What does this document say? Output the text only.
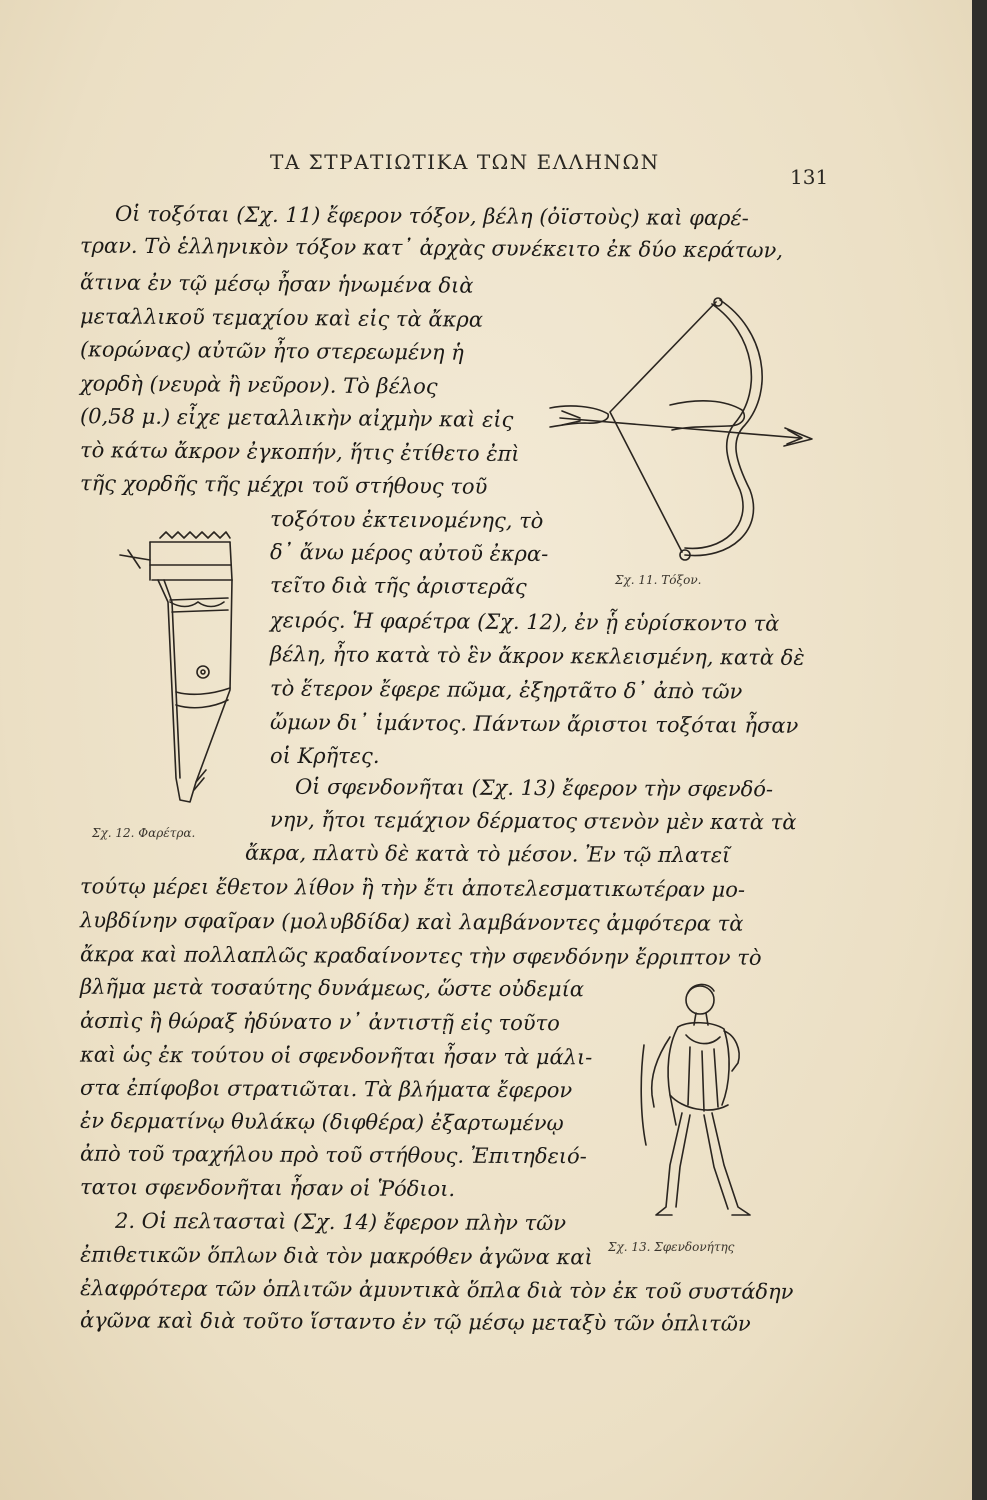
ΤΑ ΣΤΡΑΤΙΩΤΙΚΑ ΤΩΝ ΕΛΛΗΝΩΝ
131
Οἱ τοξόται (Σχ. 11) ἔφερον τόξον, βέλη (ὀϊστοὺς) καὶ φαρέ-
τραν. Τὸ ἑλληνικὸν τόξον κατ᾽ ἀρχὰς συνέκειτο ἐκ δύο κεράτων,
ἅτινα ἐν τῷ μέσῳ ἦσαν ἡνωμένα διὰ
μεταλλικοῦ τεμαχίου καὶ εἰς τὰ ἄκρα
(κορώνας) αὐτῶν ἦτο στερεωμένη ἡ
χορδὴ (νευρὰ ἢ νεῦρον). Τὸ βέλος
(0,58 μ.) εἶχε μεταλλικὴν αἰχμὴν καὶ εἰς
τὸ κάτω ἄκρον ἐγκοπήν, ἥτις ἐτίθετο ἐπὶ
τῆς χορδῆς τῆς μέχρι τοῦ στήθους τοῦ
τοξότου ἐκτεινομένης, τὸ
δ᾽ ἄνω μέρος αὐτοῦ ἐκρα-
τεῖτο διὰ τῆς ἀριστερᾶς
χειρός. Ἡ φαρέτρα (Σχ. 12), ἐν ᾗ εὑρίσκοντο τὰ
βέλη, ἦτο κατὰ τὸ ἓν ἄκρον κεκλεισμένη, κατὰ δὲ
τὸ ἕτερον ἔφερε πῶμα, ἐξηρτᾶτο δ᾽ ἀπὸ τῶν
ὤμων δι᾽ ἱμάντος. Πάντων ἄριστοι τοξόται ἦσαν
οἱ Κρῆτες.
Οἱ σφενδονῆται (Σχ. 13) ἔφερον τὴν σφενδό-
νην, ἤτοι τεμάχιον δέρματος στενὸν μὲν κατὰ τὰ
ἄκρα, πλατὺ δὲ κατὰ τὸ μέσον. Ἐν τῷ πλατεῖ
τούτῳ μέρει ἔθετον λίθον ἢ τὴν ἔτι ἀποτελεσματικωτέραν μο-
λυβδίνην σφαῖραν (μολυβδίδα) καὶ λαμβάνοντες ἀμφότερα τὰ
ἄκρα καὶ πολλαπλῶς κραδαίνοντες τὴν σφενδόνην ἔρριπτον τὸ
βλῆμα μετὰ τοσαύτης δυνάμεως, ὥστε οὐδεμία
ἀσπὶς ἢ θώραξ ἠδύνατο ν᾽ ἀντιστῇ εἰς τοῦτο
καὶ ὡς ἐκ τούτου οἱ σφενδονῆται ἦσαν τὰ μάλι-
στα ἐπίφοβοι στρατιῶται. Τὰ βλήματα ἔφερον
ἐν δερματίνῳ θυλάκῳ (διφθέρα) ἐξαρτωμένῳ
ἀπὸ τοῦ τραχήλου πρὸ τοῦ στήθους. Ἐπιτηδειό-
τατοι σφενδονῆται ἦσαν οἱ Ῥόδιοι.
2. Οἱ πελτασταὶ (Σχ. 14) ἔφερον πλὴν τῶν
ἐπιθετικῶν ὅπλων διὰ τὸν μακρόθεν ἀγῶνα καὶ
ἐλαφρότερα τῶν ὁπλιτῶν ἀμυντικὰ ὅπλα διὰ τὸν ἐκ τοῦ συστάδην
ἀγῶνα καὶ διὰ τοῦτο ἵσταντο ἐν τῷ μέσῳ μεταξὺ τῶν ὁπλιτῶν
Σχ. 11. Τόξον.
Σχ. 12. Φαρέτρα.
Σχ. 13. Σφενδονήτης
